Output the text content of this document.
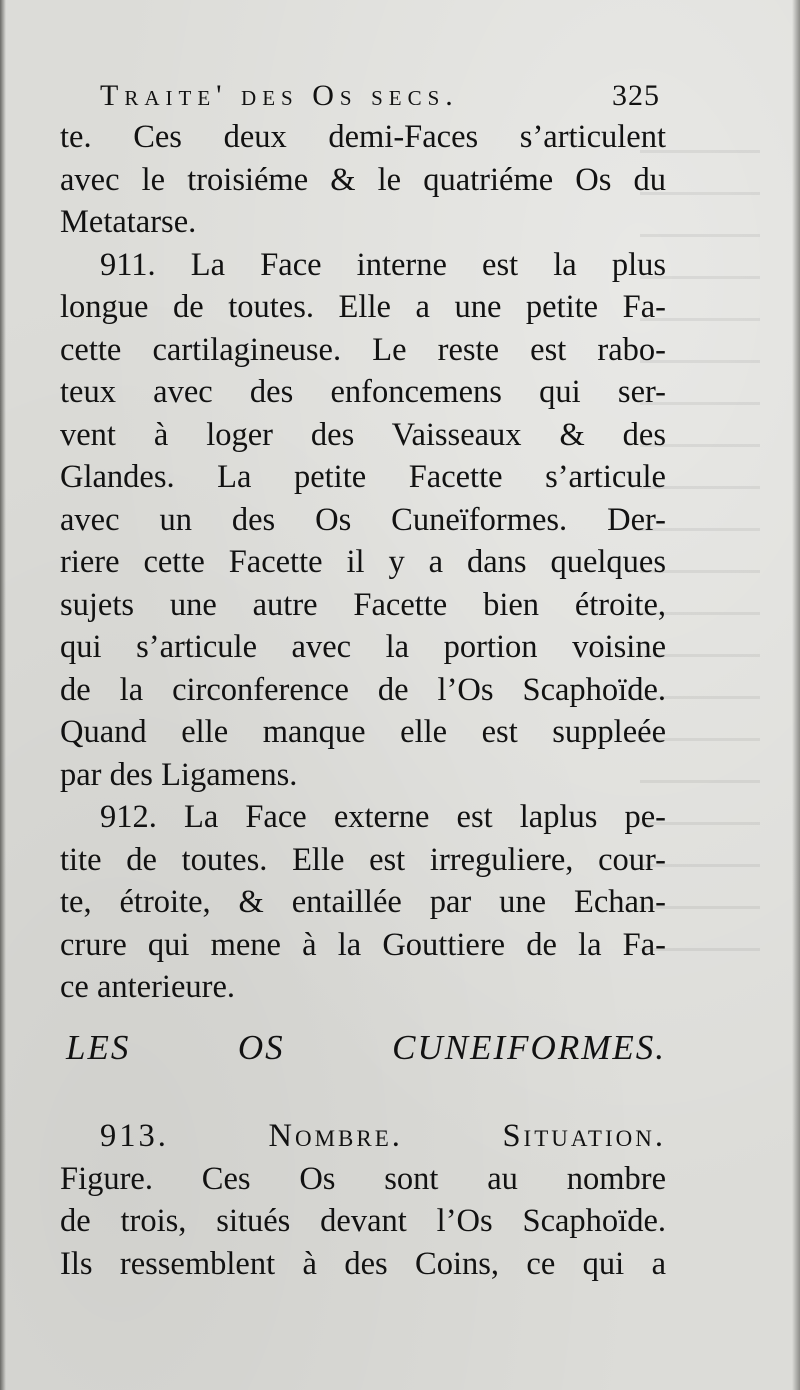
Traite' des Os secs.	325
te. Ces deux demi-Faces s’articulent
avec le troisiéme & le quatriéme Os du
Metatarse.
911. La Face interne est la plus
longue de toutes. Elle a une petite Fa-
cette cartilagineuse. Le reste est rabo-
teux avec des enfoncemens qui ser-
vent à loger des Vaisseaux & des
Glandes. La petite Facette s’articule
avec un des Os Cuneïformes. Der-
riere cette Facette il y a dans quelques
sujets une autre Facette bien étroite,
qui s’articule avec la portion voisine
de la circonference de l’Os Scaphoïde.
Quand elle manque elle est suppleée
par des Ligamens.
912. La Face externe est laplus pe-
tite de toutes. Elle est irreguliere, cour-
te, étroite, & entaillée par une Echan-
crure qui mene à la Gouttiere de la Fa-
ce anterieure.
LES OS CUNEIFORMES.
913. Nombre. Situation.
Figure. Ces Os sont au nombre
de trois, situés devant l’Os Scaphoïde.
Ils ressemblent à des Coins, ce qui a
